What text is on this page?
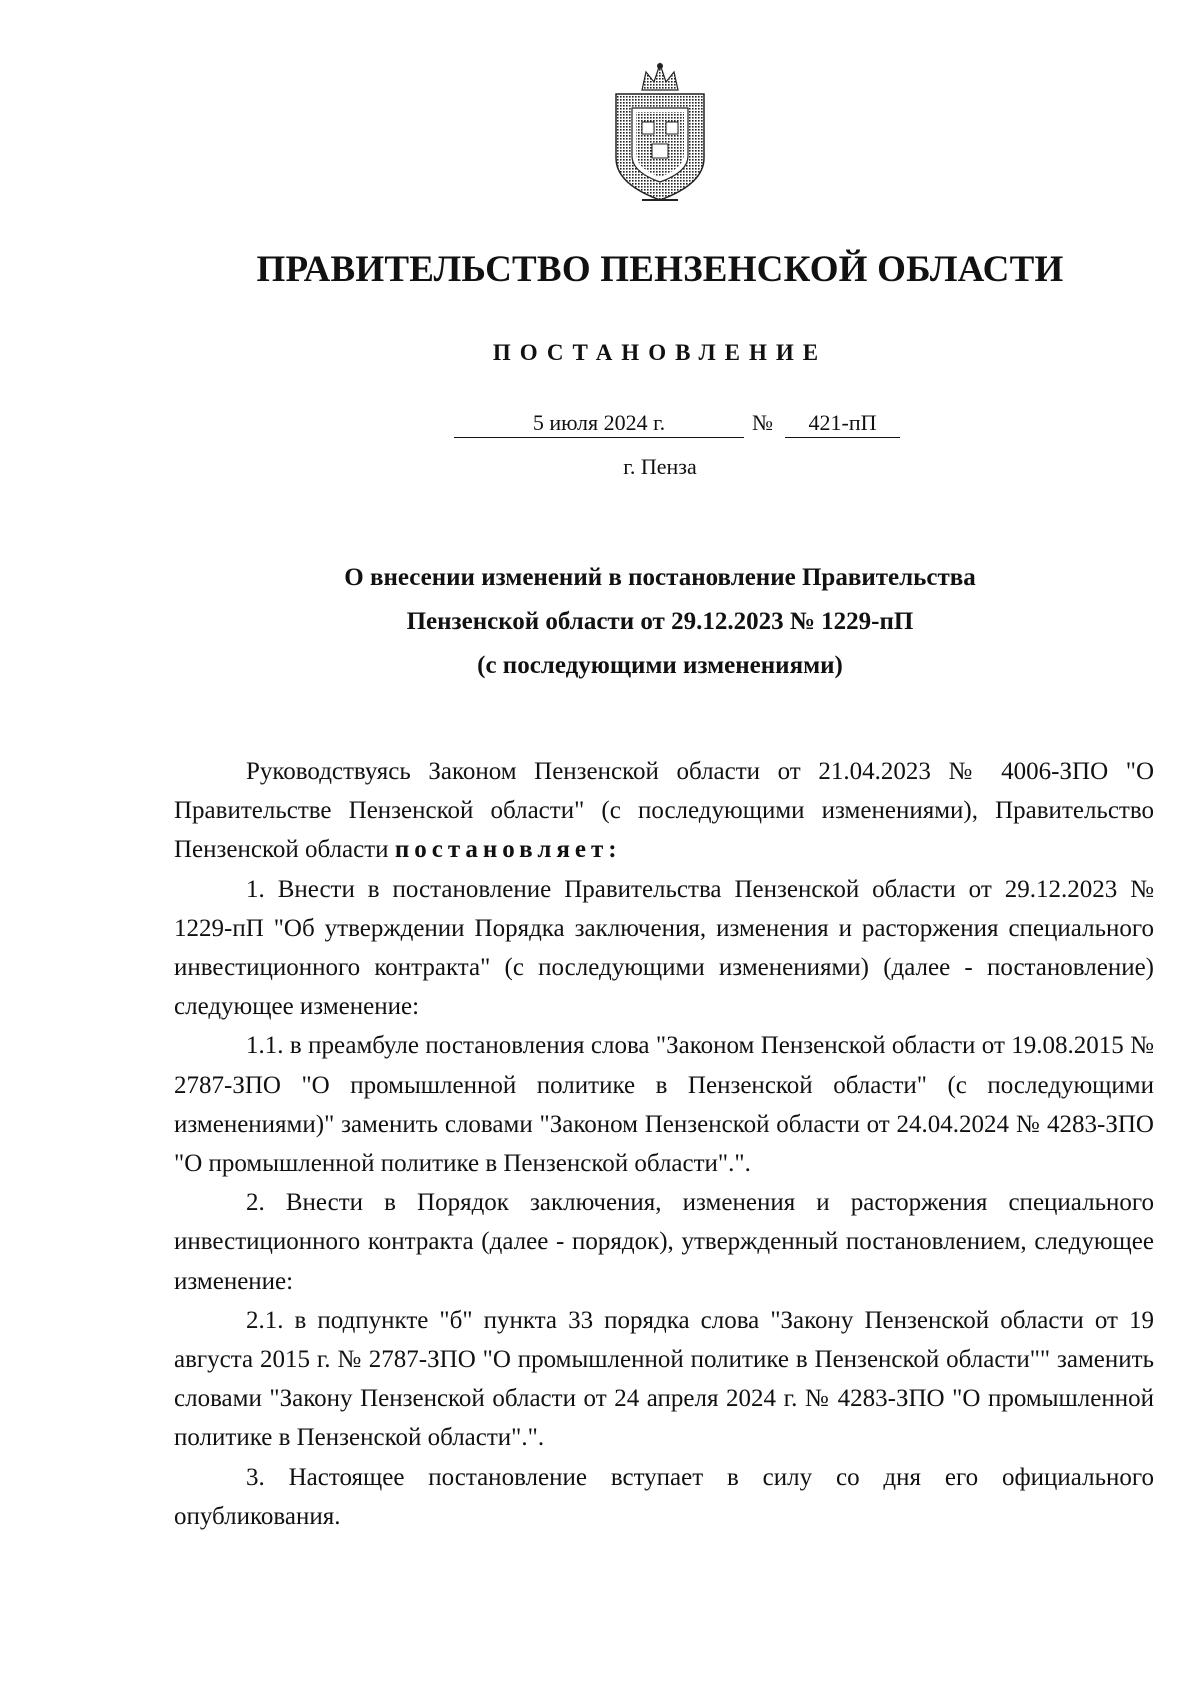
ПРАВИТЕЛЬСТВО ПЕНЗЕНСКОЙ ОБЛАСТИ
ПОСТАНОВЛЕНИЕ
5 июля 2024 г.	№	421-пП

г. Пенза

О внесении изменений в постановление Правительства
Пензенской области от 29.12.2023 № 1229-пП
(с последующими изменениями)

Руководствуясь Законом Пензенской области от 21.04.2023 № 4006-ЗПО "О Правительстве Пензенской области" (с последующими изменениями), Правительство Пензенской области постановляет:

1. Внести в постановление Правительства Пензенской области от 29.12.2023 № 1229-пП "Об утверждении Порядка заключения, изменения и расторжения специального инвестиционного контракта" (с последующими изменениями) (далее - постановление) следующее изменение:

1.1. в преамбуле постановления слова "Законом Пензенской области от 19.08.2015 № 2787-ЗПО "О промышленной политике в Пензенской области" (с последующими изменениями)" заменить словами "Законом Пензенской области от 24.04.2024 № 4283-ЗПО "О промышленной политике в Пензенской области".".

2. Внести в Порядок заключения, изменения и расторжения специального инвестиционного контракта (далее - порядок), утвержденный постановлением, следующее изменение:

2.1. в подпункте "б" пункта 33 порядка слова "Закону Пензенской области от 19 августа 2015 г. № 2787-ЗПО "О промышленной политике в Пензенской области"" заменить словами "Закону Пензенской области от 24 апреля 2024 г. № 4283-ЗПО "О промышленной политике в Пензенской области".".

3. Настоящее постановление вступает в силу со дня его официального опубликования.
